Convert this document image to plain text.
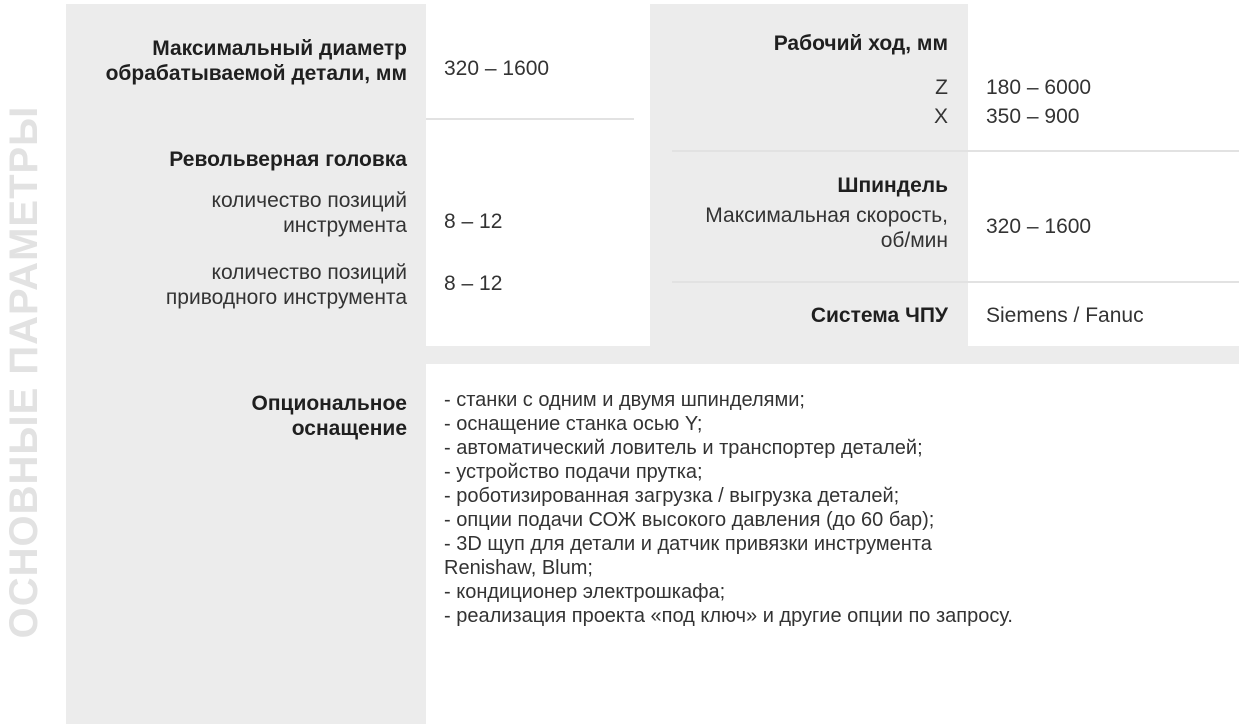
ОСНОВНЫЕ ПАРАМЕТРЫ
Максимальный диаметр
обрабатываемой детали, мм 320 – 1600
Револьверная головка
количество позиций
инструмента 8 – 12
количество позиций
приводного инструмента
8 – 12
Рабочий ход, мм
Z 180 – 6000
X 350 – 900
Шпиндель
Максимальная скорость,
об/мин
320 – 1600
Система ЧПУ Siemens / Fanuc
Опциональное
оснащение
- станки с одним и двумя шпинделями;
- оснащение станка осью Y;
- автоматический ловитель и транспортер деталей;
- устройство подачи прутка;
- роботизированная загрузка / выгрузка деталей;
- опции подачи СОЖ высокого давления (до 60 бар);
- 3D щуп для детали и датчик привязки инструмента
Renishaw, Blum;
- кондиционер электрошкафа;
- реализация проекта «под ключ» и другие опции по запросу.
